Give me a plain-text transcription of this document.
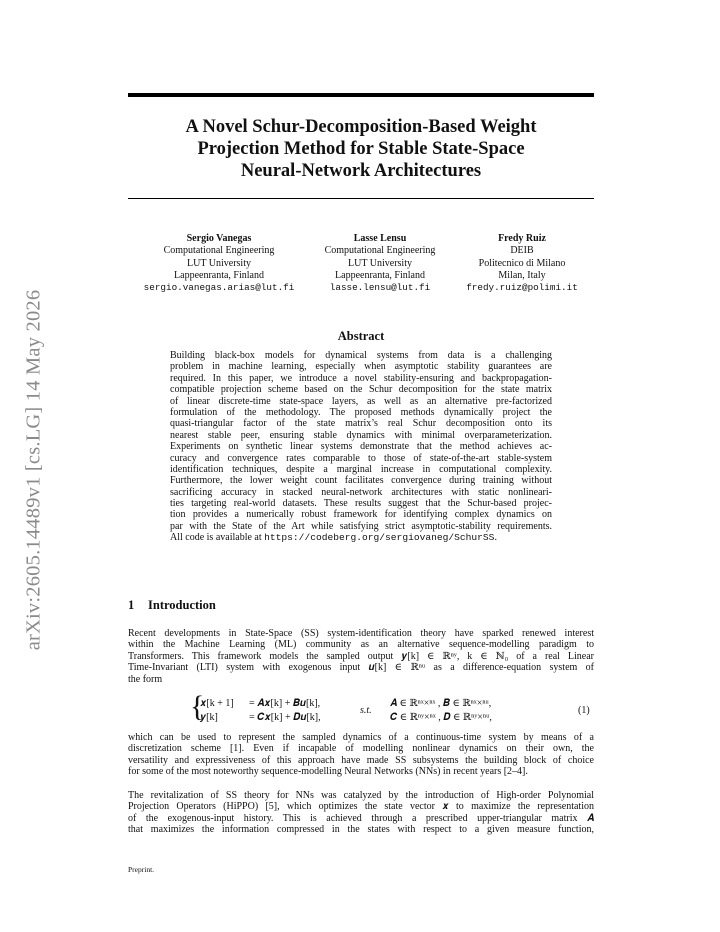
arXiv:2605.14489v1 [cs.LG] 14 May 2026
A Novel Schur-Decomposition-Based Weight
Projection Method for Stable State-Space
Neural-Network Architectures
Sergio Vanegas
Computational Engineering
LUT University
Lappeenranta, Finland
sergio.vanegas.arias@lut.fi
Lasse Lensu
Computational Engineering
LUT University
Lappeenranta, Finland
lasse.lensu@lut.fi
Fredy Ruiz
DEIB
Politecnico di Milano
Milan, Italy
fredy.ruiz@polimi.it
Abstract
Building black-box models for dynamical systems from data is a challenging
problem in machine learning, especially when asymptotic stability guarantees are
required. In this paper, we introduce a novel stability-ensuring and backpropagation-
compatible projection scheme based on the Schur decomposition for the state matrix
of linear discrete-time state-space layers, as well as an alternative pre-factorized
formulation of the methodology. The proposed methods dynamically project the
quasi-triangular factor of the state matrix’s real Schur decomposition onto its
nearest stable peer, ensuring stable dynamics with minimal overparameterization.
Experiments on synthetic linear systems demonstrate that the method achieves ac-
curacy and convergence rates comparable to those of state-of-the-art stable-system
identification techniques, despite a marginal increase in computational complexity.
Furthermore, the lower weight count facilitates convergence during training without
sacrificing accuracy in stacked neural-network architectures with static nonlineari-
ties targeting real-world datasets. These results suggest that the Schur-based projec-
tion provides a numerically robust framework for identifying complex dynamics on
par with the State of the Art while satisfying strict asymptotic-stability requirements.
All code is available at https://codeberg.org/sergiovaneg/SchurSS.
1 Introduction
Recent developments in State-Space (SS) system-identification theory have sparked renewed interest
within the Machine Learning (ML) community as an alternative sequence-modelling paradigm to
Transformers. This framework models the sampled output 𝒚[k] ∈ ℝⁿʸ, k ∈ ℕ₀ of a real Linear
Time-Invariant (LTI) system with exogenous input 𝒖[k] ∈ ℝⁿᵘ as a difference-equation system of
the form
{
𝒙[k + 1] = 𝑨𝒙[k] + 𝑩𝒖[k],
𝒚[k]	= 𝑪𝒙[k] + 𝑫𝒖[k],
s.t.
𝑨 ∈ ℝⁿˣ×ⁿˣ , 𝑩 ∈ ℝⁿˣ×ⁿᵘ,
𝑪 ∈ ℝⁿʸ×ⁿˣ , 𝑫 ∈ ℝⁿʸ×ⁿᵘ,
(1)
which can be used to represent the sampled dynamics of a continuous-time system by means of a
discretization scheme [1]. Even if incapable of modelling nonlinear dynamics on their own, the
versatility and expressiveness of this approach have made SS subsystems the building block of choice
for some of the most noteworthy sequence-modelling Neural Networks (NNs) in recent years [2–4].
The revitalization of SS theory for NNs was catalyzed by the introduction of High-order Polynomial
Projection Operators (HiPPO) [5], which optimizes the state vector 𝒙 to maximize the representation
of the exogenous-input history. This is achieved through a prescribed upper-triangular matrix 𝑨
that maximizes the information compressed in the states with respect to a given measure function,
Preprint.
